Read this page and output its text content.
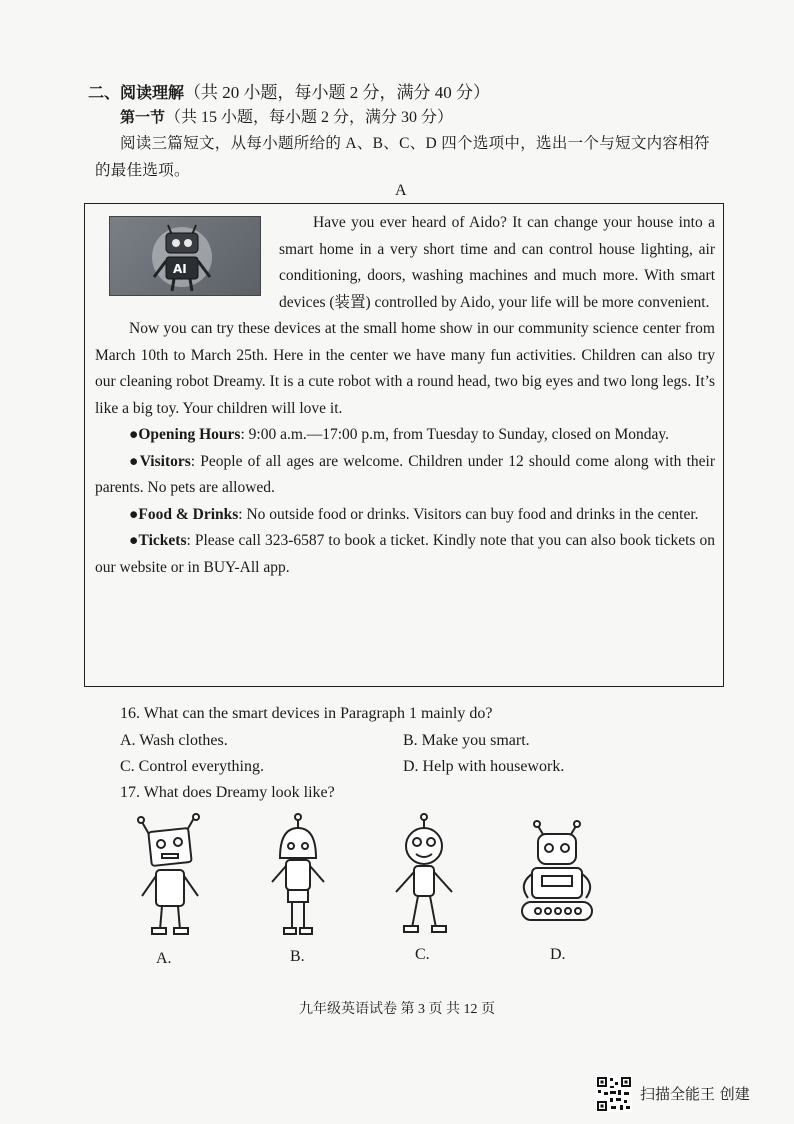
二、阅读理解（共 20 小题，每小题 2 分，满分 40 分）
第一节（共 15 小题，每小题 2 分，满分 30 分）
阅读三篇短文，从每小题所给的 A、B、C、D 四个选项中，选出一个与短文内容相符的最佳选项。
A
AI

Have you ever heard of Aido? It can change your house into a smart home in a very short time and can control house lighting, air conditioning, doors, washing machines and much more. With smart devices (装置) controlled by Aido, your life will be more convenient.

Now you can try these devices at the small home show in our community science center from March 10th to March 25th. Here in the center we have many fun activities. Children can also try our cleaning robot Dreamy. It is a cute robot with a round head, two big eyes and two long legs. It’s like a big toy. Your children will love it.

●Opening Hours: 9:00 a.m.—17:00 p.m, from Tuesday to Sunday, closed on Monday.

●Visitors: People of all ages are welcome. Children under 12 should come along with their parents. No pets are allowed.

●Food & Drinks: No outside food or drinks. Visitors can buy food and drinks in the center.

●Tickets: Please call 323-6587 to book a ticket. Kindly note that you can also book tickets on our website or in BUY-All app.

16. What can the smart devices in Paragraph 1 mainly do?
A. Wash clothes.	B. Make you smart.
C. Control everything.	D. Help with housework.
17. What does Dreamy look like?
A.	B.	C.	D.
九年级英语试卷 第 3 页 共 12 页
扫描全能王 创建
